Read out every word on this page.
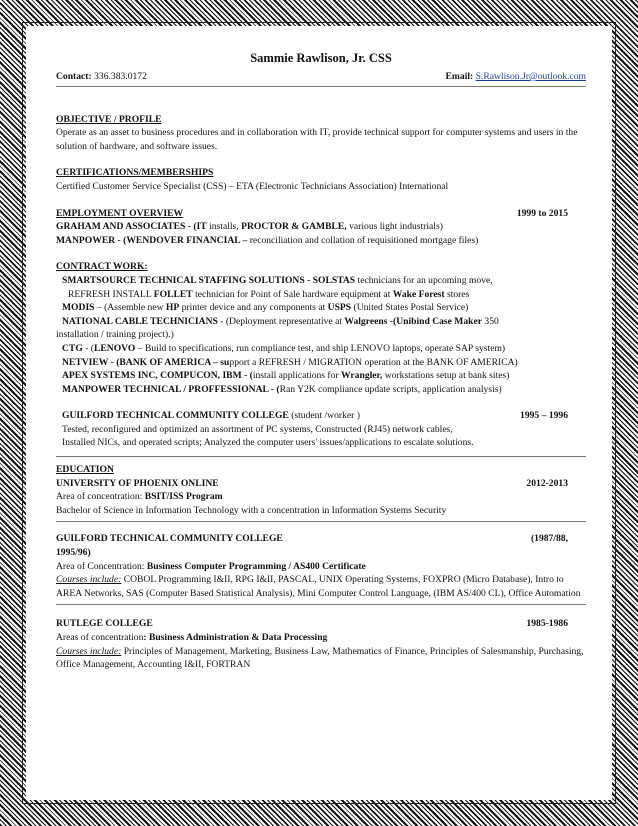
Sammie Rawlison, Jr. CSS
Contact: 336.383.0172	Email: S.Rawlison.Jr@outlook.com
OBJECTIVE / PROFILE
Operate as an asset to business procedures and in collaboration with IT, provide technical support for computer systems and users in the solution of hardware, and software issues.
CERTIFICATIONS/MEMBERSHIPS
Certified Customer Service Specialist (CSS) – ETA (Electronic Technicians Association) International
EMPLOYMENT OVERVIEW	1999 to 2015
GRAHAM AND ASSOCIATES - (IT installs, PROCTOR & GAMBLE, various light industrials)
MANPOWER - (WENDOVER FINANCIAL – reconciliation and collation of requisitioned mortgage files)
CONTRACT WORK:
SMARTSOURCE TECHNICAL STAFFING SOLUTIONS - SOLSTAS technicians for an upcoming move,
REFRESH INSTALL FOLLET technician for Point of Sale hardware equipment at Wake Forest stores
MODIS – (Assemble new HP printer device and any components at USPS (United States Postal Service)
NATIONAL CABLE TECHNICIANS - (Deployment representative at Walgreens -(Unibind Case Maker 350
installation / training project).)
CTG - (LENOVO – Build to specifications, run compliance test, and ship LENOVO laptops, operate SAP system)
NETVIEW - (BANK OF AMERICA – support a REFRESH / MIGRATION operation at the BANK OF AMERICA)
APEX SYSTEMS INC, COMPUCON, IBM - (install applications for Wrangler, workstations setup at bank sites)
MANPOWER TECHNICAL / PROFFESSIONAL - (Ran Y2K compliance update scripts, application analysis)
GUILFORD TECHNICAL COMMUNITY COLLEGE (student /worker )	1995 – 1996
Tested, reconfigured and optimized an assortment of PC systems, Constructed (RJ45) network cables,
Installed NICs, and operated scripts; Analyzed the computer users' issues/applications to escalate solutions.
EDUCATION
UNIVERSITY OF PHOENIX ONLINE	2012-2013
Area of concentration: BSIT/ISS Program
Bachelor of Science in Information Technology with a concentration in Information Systems Security
GUILFORD TECHNICAL COMMUNITY COLLEGE	(1987/88,
1995/96)
Area of Concentration: Business Computer Programming / AS400 Certificate
Courses include: COBOL Programming I&II, RPG I&II, PASCAL, UNIX Operating Systems, FOXPRO (Micro Database), Intro to AREA Networks, SAS (Computer Based Statistical Analysis), Mini Computer Control Language, (IBM AS/400 CL), Office Automation
RUTLEGE COLLEGE	1985-1986
Areas of concentration: Business Administration & Data Processing
Courses include: Principles of Management, Marketing, Business Law, Mathematics of Finance, Principles of Salesmanship, Purchasing, Office Management, Accounting I&II, FORTRAN
